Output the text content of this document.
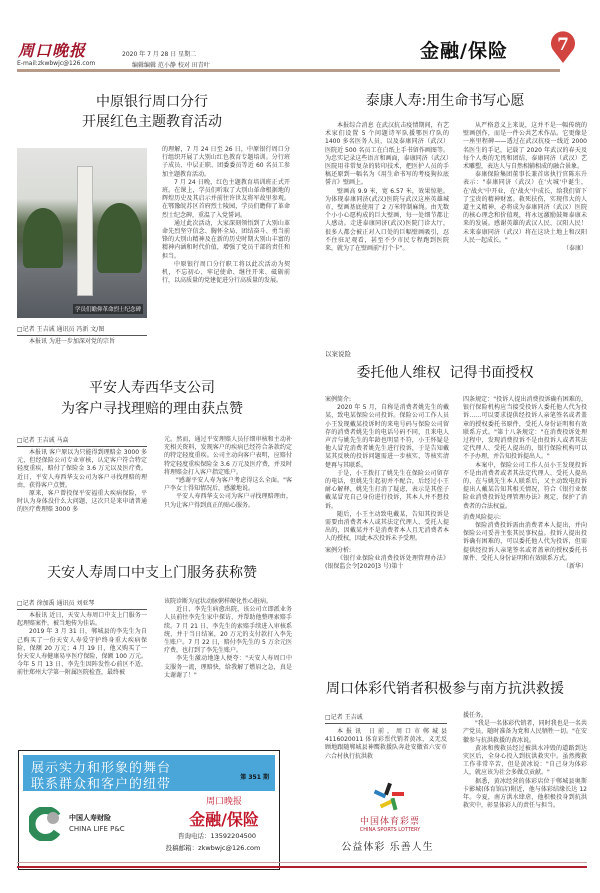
周口晚报	2020 年 7 月 28 日 星期二
E-mail:zkwbwjc@126.com	编辑编辑 范小静 校对 田青叶
金融/保险	7
中原银行周口分行
开展红色主题教育活动
学员们瞻仰革命烈士纪念碑
□记者 王吉诚 通讯员 冯新 文/图
本报讯 为进一步加深对党的宗旨

的理解，7 月 24 日至 26 日，中原银行周口分行组织开展了大别山红色教育专题培训。分行班子成员、中层正职、团委委员等近 60 名员工参加主题教育活动。

7 月 24 日晚，红色主题教育培训班正式开班。在课上，学员们听取了大别山革命根据地的辉煌历史及其启示并前往许世友将军故里参观。在鄂豫皖苏区首府烈士陵园，学员们瞻仰了革命烈士纪念碑，重温了入党誓词。

通过此次活动，大家深刻领悟到了大别山革命先烈坚守信念、胸怀全局、团结奋斗、勇当前锋的大别山精神及在新的历史时期大别山丰富的精神内涵和时代价值，增强了党员干部的责任和担当。

中原银行周口分行职工将以此次活动为契机，不忘初心、牢记使命、继往开来、砥砺前行，以高质量的党建促进分行高质量的发展。

泰康人寿:用生命书写心愿

本报综合消息 在武汉抗击疫情期间，有艺术家们设置 5 个问题诗军队援鄂医疗队的 1400 多名医务人员，以及泰康同济（武汉）医院近 500 名员工在白纸上手书留作画图等。为忠实记录这些语言和画面，泰康同济（武汉）医院用非常复杂的转印技术，把医护人员的手稿还原到一幅名为《用生命书写的考疫狗拉底誓言》壁画上。

壁画高 9.9 米，宽 6.57 米，效果惊艳。为体现泰康同济(武汉)医院与武汉这座英雄城市，壁画基底使用了 2 万米特制麻绳。由无数个小小心愿构成的巨大壁画，每一处细节都让人感动。走进泰康同济(武汉)医院门诊大厅，很多人都会被正对入口处的巨幅壁画吸引，忍不住驻足观看，甚至不少市民专程跑到医院来，就为了在壁画前"打个卡"。

从严格意义上来说，这并不是一幅传统的壁画创作，而是一件公共艺术作品。它更像是一座里程碑——透过在武汉抗疫一线近 2000 名医生的手记，记载了 2020 年武汉的春天及每个人类的无畏和团结，泰康同济（武汉）艺术雕塑，表达人与自然相辅相成的融合景象。

泰康保险集团董事长兼首席执行官陈东升表示："泰康同济（武汉）在'火城'中诞生，在'战火'中开业，在'战火'中成长，给我们留下了宝贵的精神财富。救死扶伤，实现伟大的人道主义精神，必将成为泰康同济（武汉）医院的核心理念和价值观，将永远激励鼓舞泰康未来的发展。感谢英雄的武汉人民、汉阳人民！未来泰康同济（武汉）将在这块土地上和汉阳人民一起成长。"

（泰康）

平安人寿西华支公司
为客户寻找理赔的理由获点赞
□记者 王吉诚 马焱

本报讯 客户原以为只能得到理赔金 3000 多元，但经保险公司专业审核，认定客户符合特定轻度重疾，赔付了保险金 3.6 万元以及医疗费。近日，平安人寿西华支公司为客户寻找理赔的理由，获得客户点赞。

原来，客户曾投保平安福重大疾病保险，平时认为身体没什么大问题，这次只是来申请普通的医疗费理赔 3000 多

元。然而，通过平安理赔人员仔细审核和主动补充相关资料，发现客户的疾病已经符合条款约定的特定轻度重疾。公司主动向客户表明，应赔付特定轻度重疾保险金 3.6 万元及医疗费，并及时将理赔金打入客户指定账户。

"感谢平安人寿为客户考虑得这么全面。"客户李女士得知情况后，感激地说。

平安人寿西华支公司为客户寻找理赔理由，只为让客户得到真正的贴心服务。

天安人寿周口中支上门服务获称赞
□记者 徐加禹 通讯员 刘亚琴

本报讯 近日，天安人寿周口中支上门服务一起理赔案件，被当地传为佳话。

2019 年 3 月 31 日，郸城县的李先生为自己购买了一份天安人寿爱守护终身重大疾病保险，保额 20 万元；4 月 19 日，他又购买了一份天安人寿健康易享医疗保险，保额 100 万元。今年 5 月 13 日，李先生因阵发性心前区不适，前往郑州大学第一附属医院检查，最终被

该院诊断为冠状动脉粥样硬化性心脏病。

近日，李先生病愈出院，该公司立即派业务人员前往李先生家中探访，并帮助他整理索赔手续。7 月 21 日，李先生的索赔手续进入审核系统，并于当日结案，20 万元的支付款打入李先生账户。7 月 22 日，赔付李先生的 5 万余元医疗费，也打到了李先生账户。

李先生激动地逢人便夸："天安人寿周口中支服务一流，理赔快，给我解了燃眉之急，真是太谢谢了！"

展示实力和形象的舞台
联系群众和客户的纽带	第 351 期
中国人寿财险
CHINA LIFE P&C
周口晚报
金融/保险
咨询电话：13592204500
投稿邮箱：zkwbwjc@126.com
以案说险
委托他人维权  记得书面授权

案例简介:

2020 年 5 月，自称是消费者姚先生的戴某，致电某保险公司投诉。保险公司工作人员小王发现戴某投诉时的来电号码与保险公司留存的消费者姚先生的电话号码不同，且来电人声音与姚先生的年龄也明显不符，小王怀疑是他人冒充消费者姚先生进行投诉，于是告知戴某其反映的投诉问题需进一步核实，等核实清楚再与其联系。

于是，小王拨打了姚先生在保险公司留存的电话，但姚先生起初并不配合，后经过小王耐心解释，姚先生打消了疑虑，表示是其侄子戴某冒充自己身份进行投诉，其本人并不想投诉。

随后，小王主动致电戴某，告知其投诉是需要由消费者本人或其法定代理人、受托人提出的，因戴某并不是消费者本人且无消费者本人的授权，因此本次投诉未予受理。

案例分析:

《银行业保险业消费投诉处理管理办法》(银保监会令[2020]3 号)第十

四条规定："投诉人提出消费投诉确有困难的，银行保险机构应当接受投诉人委托他人代为投诉……可以要求提供经投诉人亲笔签名或者盖章的授权委托书原件，受托人身份证明和有效联系方式。"第十八条规定："在消费投诉处理过程中，发现消费投诉不是由投诉人或者其法定代理人、受托人提出的，银行保险机构可以不予办理，并告知投诉提出人。"

本案中，保险公司工作人员小王发现投诉不是由消费者或者其法定代理人、受托人提出的，在与姚先生本人联系后，又主动致电投诉提出人戴某告知其相关情况，符合《银行业保险业消费投诉处理管理办法》规定，保护了消费者的合法权益。

消费风险提示:

保险消费投诉需由消费者本人提出，并向保险公司妥善主张其民事权益。投诉人提出投诉确有困难的，可以委托他人代为投诉，但需提供经投诉人亲笔签名或者盖章的授权委托书原件、受托人身份证明和有效联系方式。

（新华）

周口体彩代销者积极参与南方抗洪救援
□记者 王吉诚
本报讯 日前，周口市郸城县 4116020011 体育彩票代销者黄冰，义无反顾地跟随郸城县神鹰救援队奔赴安徽省六安市六合村执行抗洪救
中国体育彩票
CHINA SPORTS LOTTERY
公益体彩 乐善人生

援任务。

"我是一名体彩代销者，同时我也是一名共产党员，随时准备为党和人民牺牲一切。"在安徽参与抗洪救援的黄冰说。

黄冰和搜救员经过被洪水冲毁的道路到达灾区后，全身心投入到抗洪救灾中。虽然搜救工作非常辛苦，但是黄冰说："自己身为体彩人，就应该为社会多做点贡献。"

据悉，黄冰经营的体彩店位于郸城县奥斯卡影城(体育馆店)附近，他与体彩结缘长达 12 年。今夏，南方洪水肆虐，他积极投身到抗洪救灾中，彰显体彩人的责任与担当。
